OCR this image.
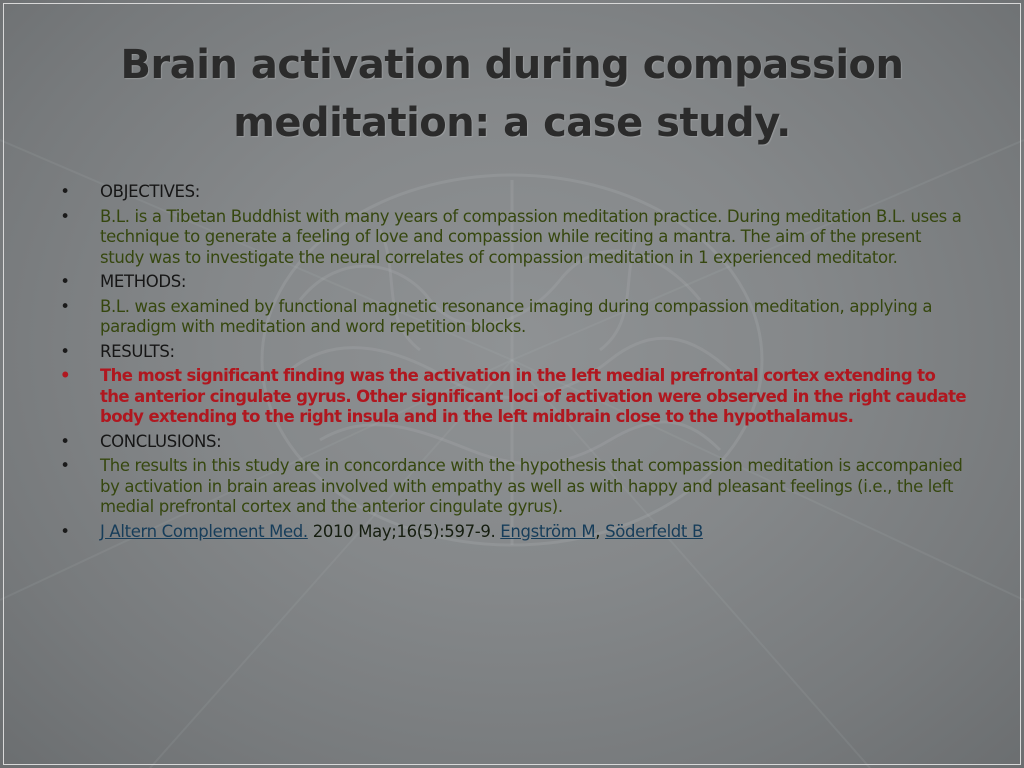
Brain activation during compassion meditation: a case study.
• OBJECTIVES:
• B.L. is a Tibetan Buddhist with many years of compassion meditation practice. During meditation B.L. uses a technique to generate a feeling of love and compassion while reciting a mantra. The aim of the present study was to investigate the neural correlates of compassion meditation in 1 experienced meditator.
• METHODS:
• B.L. was examined by functional magnetic resonance imaging during compassion meditation, applying a paradigm with meditation and word repetition blocks.
• RESULTS:
• The most significant finding was the activation in the left medial prefrontal cortex extending to the anterior cingulate gyrus. Other significant loci of activation were observed in the right caudate body extending to the right insula and in the left midbrain close to the hypothalamus.
• CONCLUSIONS:
• The results in this study are in concordance with the hypothesis that compassion meditation is accompanied by activation in brain areas involved with empathy as well as with happy and pleasant feelings (i.e., the left medial prefrontal cortex and the anterior cingulate gyrus).
• J Altern Complement Med. 2010 May;16(5):597-9. Engström M, Söderfeldt B
